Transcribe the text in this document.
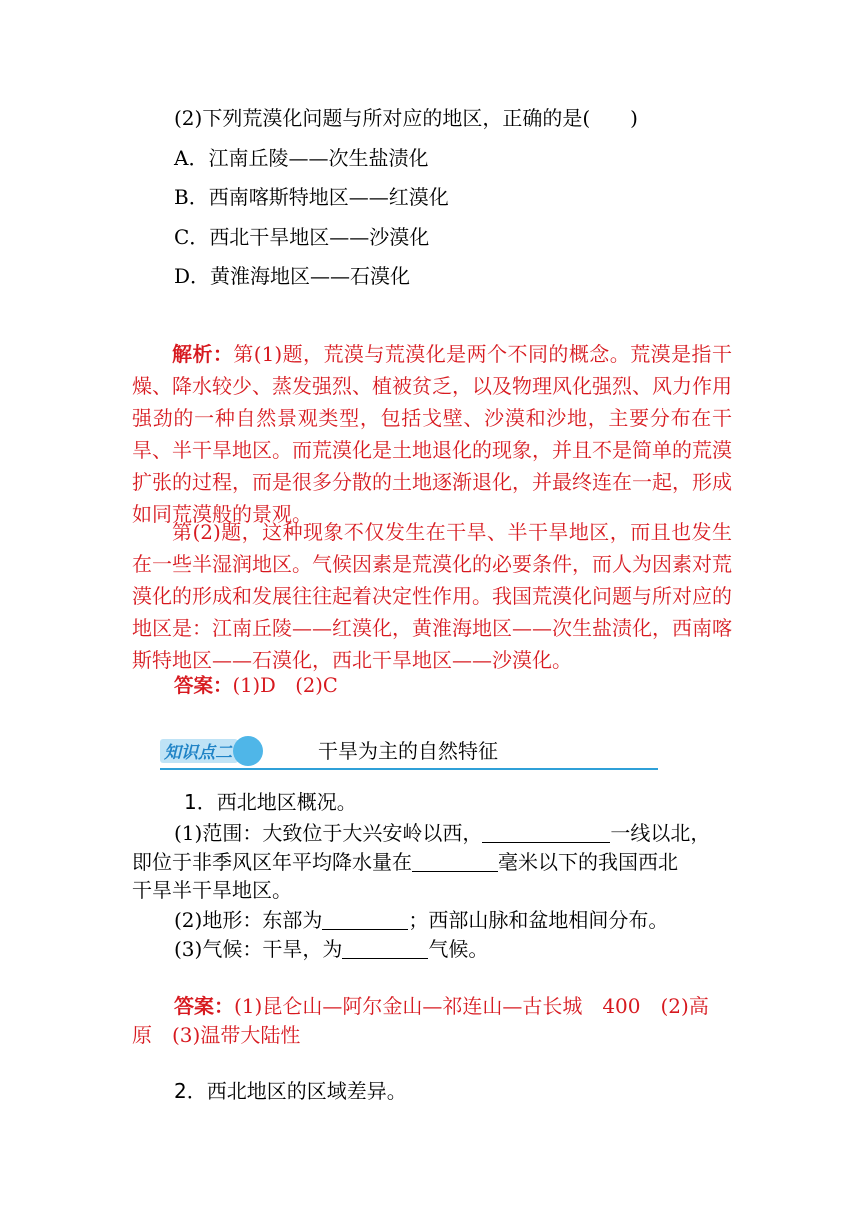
(2)下列荒漠化问题与所对应的地区，正确的是(　　)
A．江南丘陵——次生盐渍化
B．西南喀斯特地区——红漠化
C．西北干旱地区——沙漠化
D．黄淮海地区——石漠化

解析：第(1)题，荒漠与荒漠化是两个不同的概念。荒漠是指干燥、降水较少、蒸发强烈、植被贫乏，以及物理风化强烈、风力作用强劲的一种自然景观类型，包括戈壁、沙漠和沙地，主要分布在干旱、半干旱地区。而荒漠化是土地退化的现象，并且不是简单的荒漠扩张的过程，而是很多分散的土地逐渐退化，并最终连在一起，形成如同荒漠般的景观。

第(2)题，这种现象不仅发生在干旱、半干旱地区，而且也发生在一些半湿润地区。气候因素是荒漠化的必要条件，而人为因素对荒漠化的形成和发展往往起着决定性作用。我国荒漠化问题与所对应的地区是：江南丘陵——红漠化，黄淮海地区——次生盐渍化，西南喀斯特地区——石漠化，西北干旱地区——沙漠化。

答案：(1)D　(2)C
知识点二	干旱为主的自然特征
1．西北地区概况。
(1)范围：大致位于大兴安岭以西，	一线以北，
即位于非季风区年平均降水量在	毫米以下的我国西北
干旱半干旱地区。
(2)地形：东部为	；西部山脉和盆地相间分布。
(3)气候：干旱，为	气候。
答案：(1)昆仑山—阿尔金山—祁连山—古长城　400　(2)高
原　(3)温带大陆性
2．西北地区的区域差异。
